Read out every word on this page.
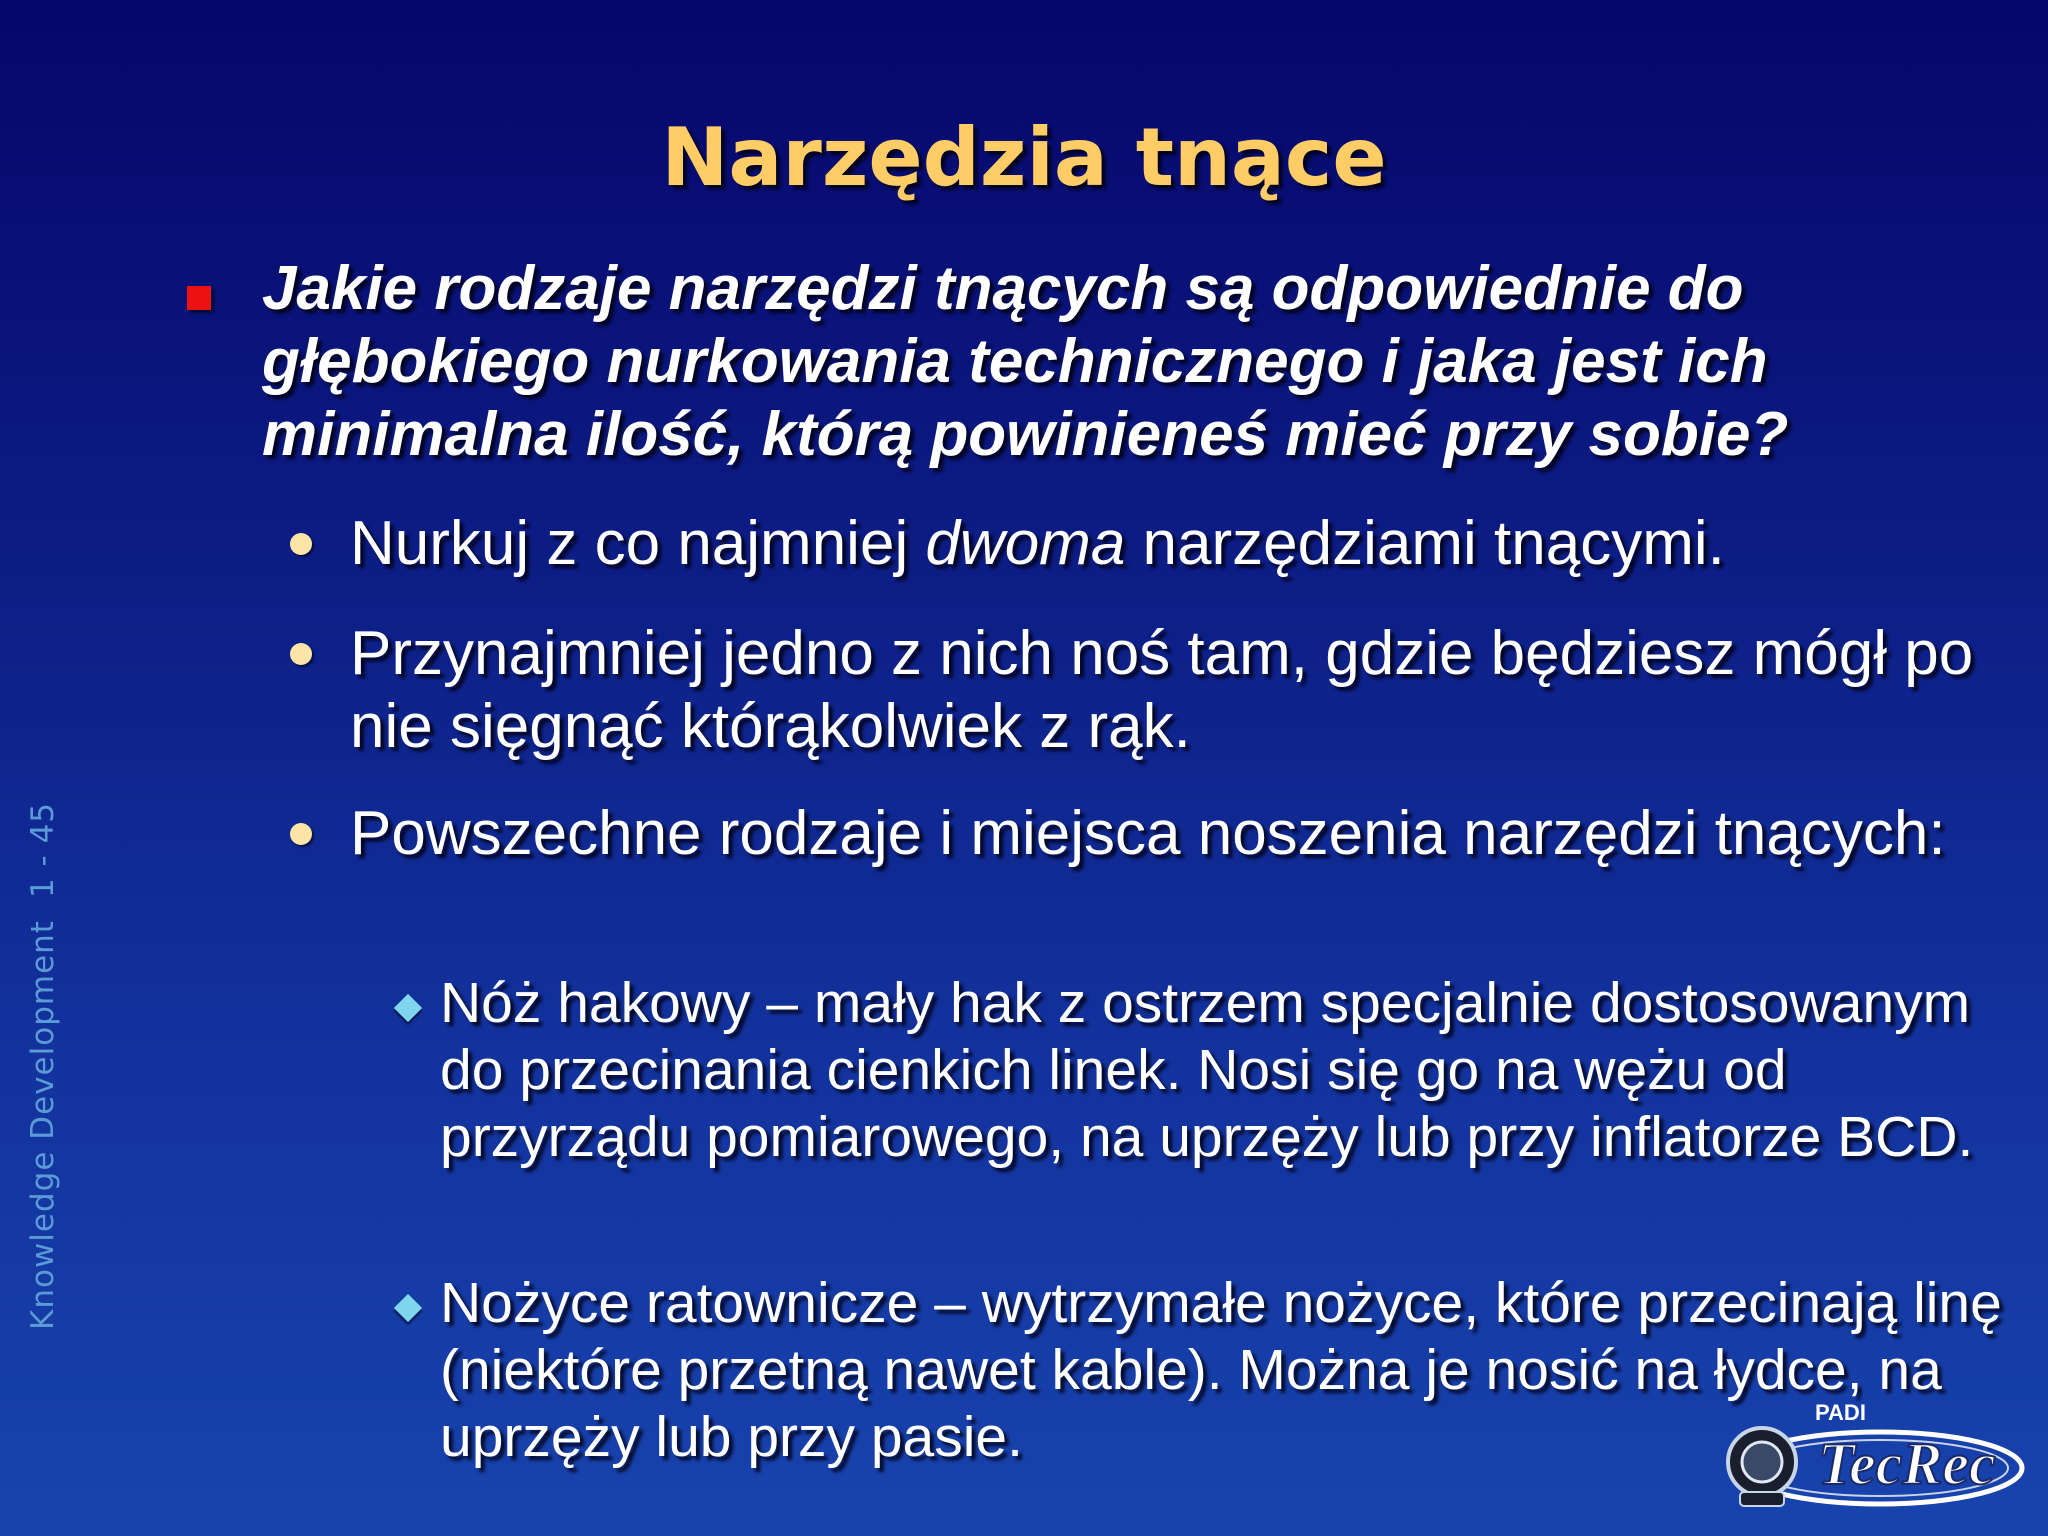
Narzędzia tnące
Knowledge Development1 - 45
Jakie rodzaje narzędzi tnących są odpowiednie do głębokiego nurkowania technicznego i jaka jest ich minimalna ilość, którą powinieneś mieć przy sobie?
Nurkuj z co najmniej dwoma narzędziami tnącymi.
Przynajmniej jedno z nich noś tam, gdzie będziesz mógł po nie sięgnąć którąkolwiek z rąk.
Powszechne rodzaje i miejsca noszenia narzędzi tnących:
Nóż hakowy – mały hak z ostrzem specjalnie dostosowanym do przecinania cienkich linek. Nosi się go na wężu od przyrządu pomiarowego, na uprzęży lub przy inflatorze BCD.
Nożyce ratownicze – wytrzymałe nożyce, które przecinają linę (niektóre przetną nawet kable). Można je nosić na łydce, na uprzęży lub przy pasie.	PADI
TecRec
